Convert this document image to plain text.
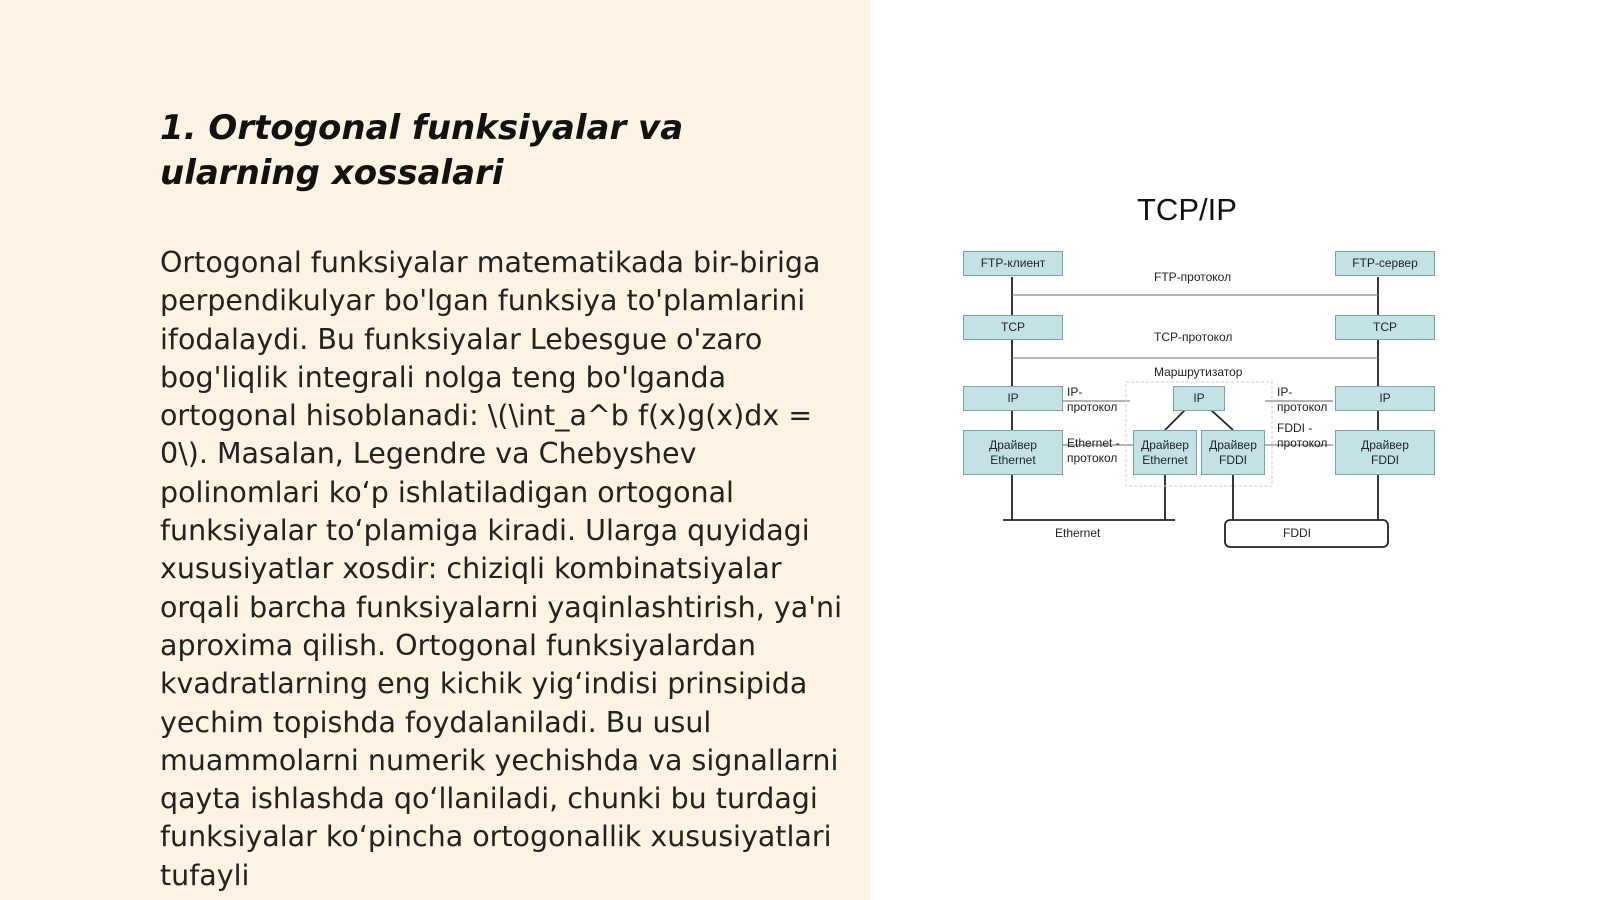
1. Ortogonal funksiyalar va ularning xossalari

Ortogonal funksiyalar matematikada bir-biriga perpendikulyar bo'lgan funksiya to'plamlarini ifodalaydi. Bu funksiyalar Lebesgue o'zaro bog'liqlik integrali nolga teng bo'lganda ortogonal hisoblanadi: \(\int_a^b f(x)g(x)dx = 0\). Masalan, Legendre va Chebyshev polinomlari ko‘p ishlatiladigan ortogonal funksiyalar to‘plamiga kiradi. Ularga quyidagi xususiyatlar xosdir: chiziqli kombinatsiyalar orqali barcha funksiyalarni yaqinlashtirish, ya'ni aproxima qilish. Ortogonal funksiyalardan kvadratlarning eng kichik yig‘indisi prinsipida yechim topishda foydalaniladi. Bu usul muammolarni numerik yechishda va signallarni qayta ishlashda qo‘llaniladi, chunki bu turdagi funksiyalar ko‘pincha ortogonallik xususiyatlari tufayli

TCP/IP
FTP-клиент	FTP-сервер
TCP	TCP
IP	IP	IP
Драйвер
Ethernet
Драйвер
Ethernet
Драйвер
FDDI
Драйвер
FDDI
FDDI
FTP-протокол
TCP-протокол
Маршрутизатор
IP-
протокол
IP-
протокол
Ethernet -
протокол
FDDI -
протокол
Ethernet
